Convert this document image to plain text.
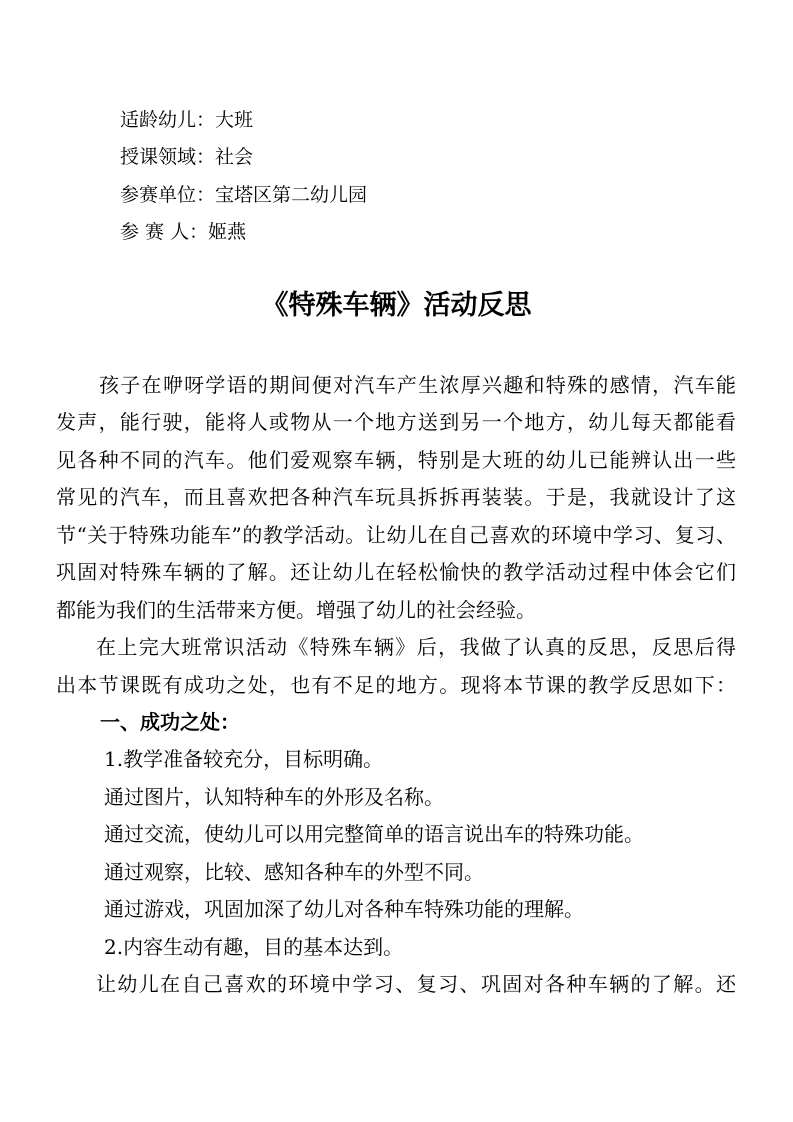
适龄幼儿：大班
授课领域：社会
参赛单位：宝塔区第二幼儿园
参 赛 人：姬燕
《特殊车辆》活动反思
孩子在咿呀学语的期间便对汽车产生浓厚兴趣和特殊的感情，汽车能
发声，能行驶，能将人或物从一个地方送到另一个地方，幼儿每天都能看
见各种不同的汽车。他们爱观察车辆，特别是大班的幼儿已能辨认出一些
常见的汽车，而且喜欢把各种汽车玩具拆拆再装装。于是，我就设计了这
节“关于特殊功能车”的教学活动。让幼儿在自己喜欢的环境中学习、复习、
巩固对特殊车辆的了解。还让幼儿在轻松愉快的教学活动过程中体会它们
都能为我们的生活带来方便。增强了幼儿的社会经验。
在上完大班常识活动《特殊车辆》后，我做了认真的反思，反思后得
出本节课既有成功之处，也有不足的地方。现将本节课的教学反思如下：
一、成功之处：
1.教学准备较充分，目标明确。
通过图片，认知特种车的外形及名称。
通过交流，使幼儿可以用完整简单的语言说出车的特殊功能。
通过观察，比较、感知各种车的外型不同。
通过游戏，巩固加深了幼儿对各种车特殊功能的理解。
2.内容生动有趣，目的基本达到。
让幼儿在自己喜欢的环境中学习、复习、巩固对各种车辆的了解。还
